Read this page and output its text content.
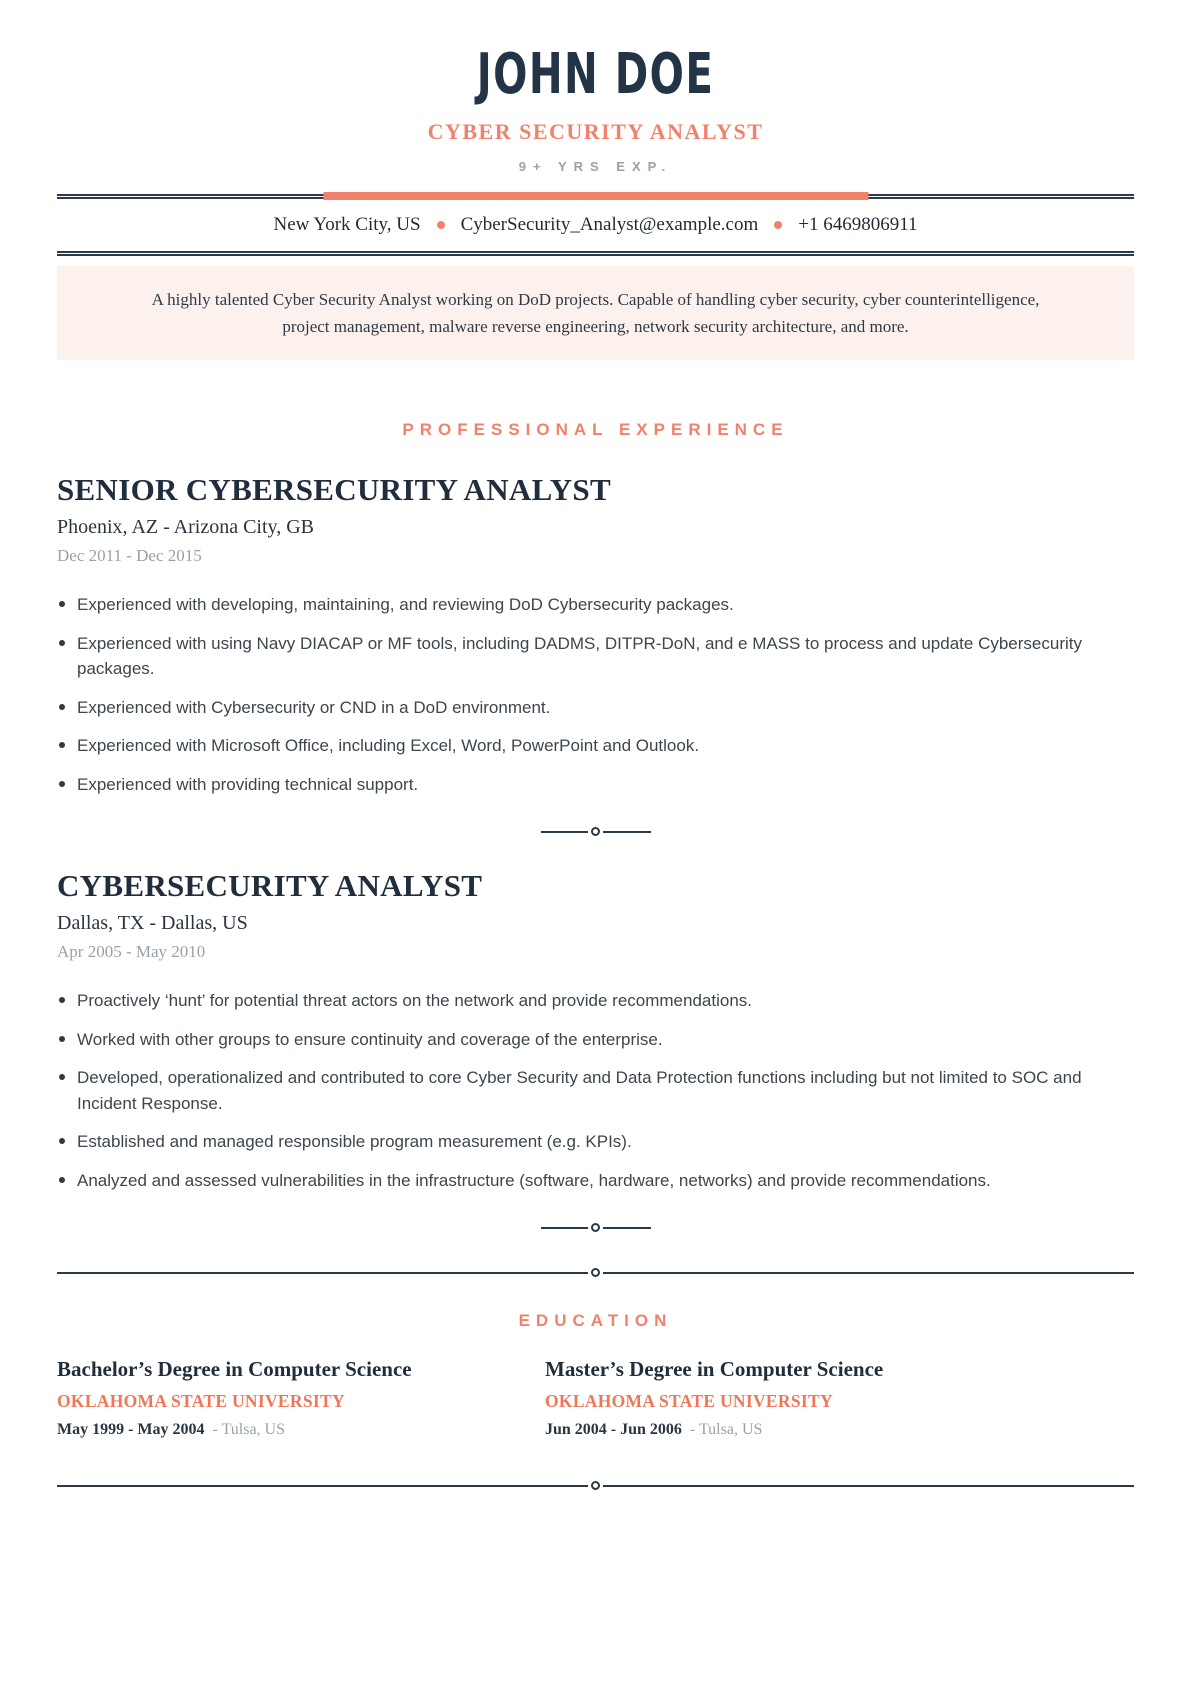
JOHN DOE
CYBER SECURITY ANALYST
9+ YRS EXP.
New York City, US CyberSecurity_Analyst@example.com +1 6469806911
A highly talented Cyber Security Analyst working on DoD projects. Capable of handling cyber security, cyber counterintelligence, project management, malware reverse engineering, network security architecture, and more.
PROFESSIONAL EXPERIENCE
SENIOR CYBERSECURITY ANALYST
Phoenix, AZ - Arizona City, GB
Dec 2011 - Dec 2015
Experienced with developing, maintaining, and reviewing DoD Cybersecurity packages.
Experienced with using Navy DIACAP or MF tools, including DADMS, DITPR-DoN, and e MASS to process and update Cybersecurity packages.
Experienced with Cybersecurity or CND in a DoD environment.
Experienced with Microsoft Office, including Excel, Word, PowerPoint and Outlook.
Experienced with providing technical support.
CYBERSECURITY ANALYST
Dallas, TX - Dallas, US
Apr 2005 - May 2010
Proactively ‘hunt’ for potential threat actors on the network and provide recommendations.
Worked with other groups to ensure continuity and coverage of the enterprise.
Developed, operationalized and contributed to core Cyber Security and Data Protection functions including but not limited to SOC and Incident Response.
Established and managed responsible program measurement (e.g. KPIs).
Analyzed and assessed vulnerabilities in the infrastructure (software, hardware, networks) and provide recommendations.
EDUCATION
Bachelor’s Degree in Computer Science
OKLAHOMA STATE UNIVERSITY
May 1999 - May 2004 - Tulsa, US
Master’s Degree in Computer Science
OKLAHOMA STATE UNIVERSITY
Jun 2004 - Jun 2006 - Tulsa, US
